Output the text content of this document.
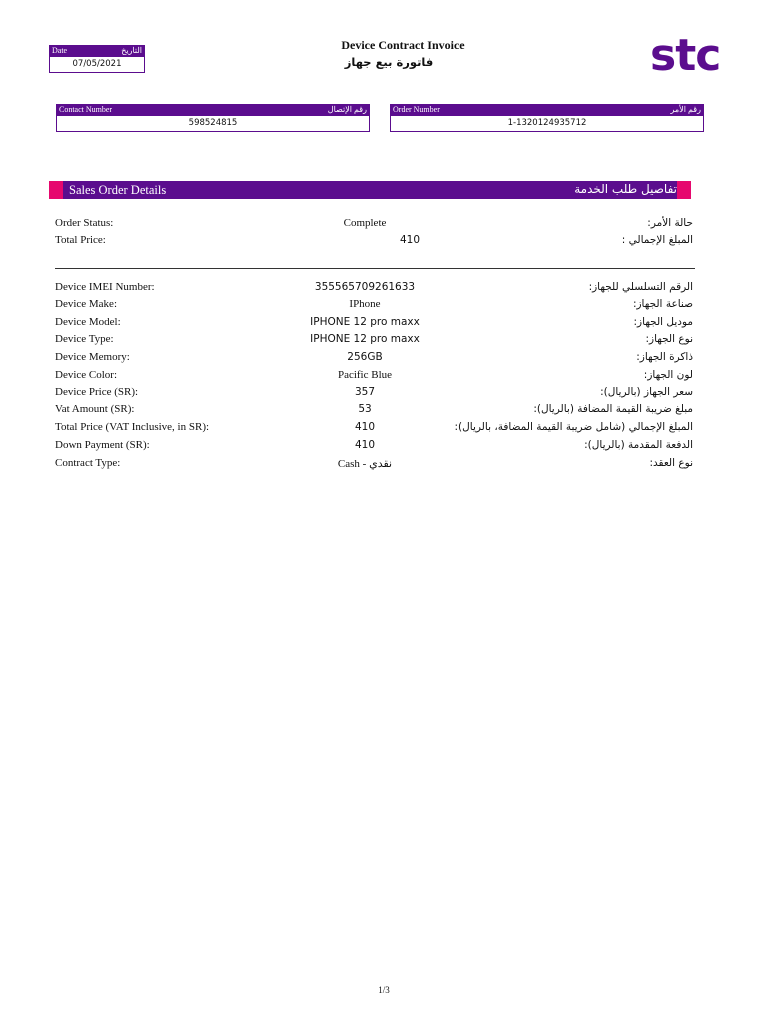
Date	التاريخ
07/05/2021
Device Contract Invoice
فاتورة بيع جهاز	stc
Contact Number	رقم الإتصال
598524815
Order Number	رقم الأمر
1-1320124935712
Sales Order Details	تفاصيل طلب الخدمة
Order Status:	Complete	حالة الأمر:
Total Price:	410	المبلغ الإجمالي :
Device IMEI Number:	355565709261633	الرقم التسلسلي للجهاز:
Device Make:	IPhone	صناعة الجهاز:
Device Model:	IPHONE 12 pro maxx	موديل الجهاز:
Device Type:	IPHONE 12 pro maxx	نوع الجهاز:
Device Memory:	256GB	ذاكرة الجهاز:
Device Color:	Pacific Blue	لون الجهاز:
Device Price (SR):	357	سعر الجهاز (بالريال):
Vat Amount (SR):	53	مبلغ ضريبة القيمة المضافة (بالريال):
Total Price (VAT Inclusive, in SR):	410	المبلغ الإجمالي (شامل ضريبة القيمة المضافة، بالريال):
Down Payment (SR):	410	الدفعة المقدمة (بالريال):
Contract Type:	Cash - نقدي	نوع العقد:
1/3
